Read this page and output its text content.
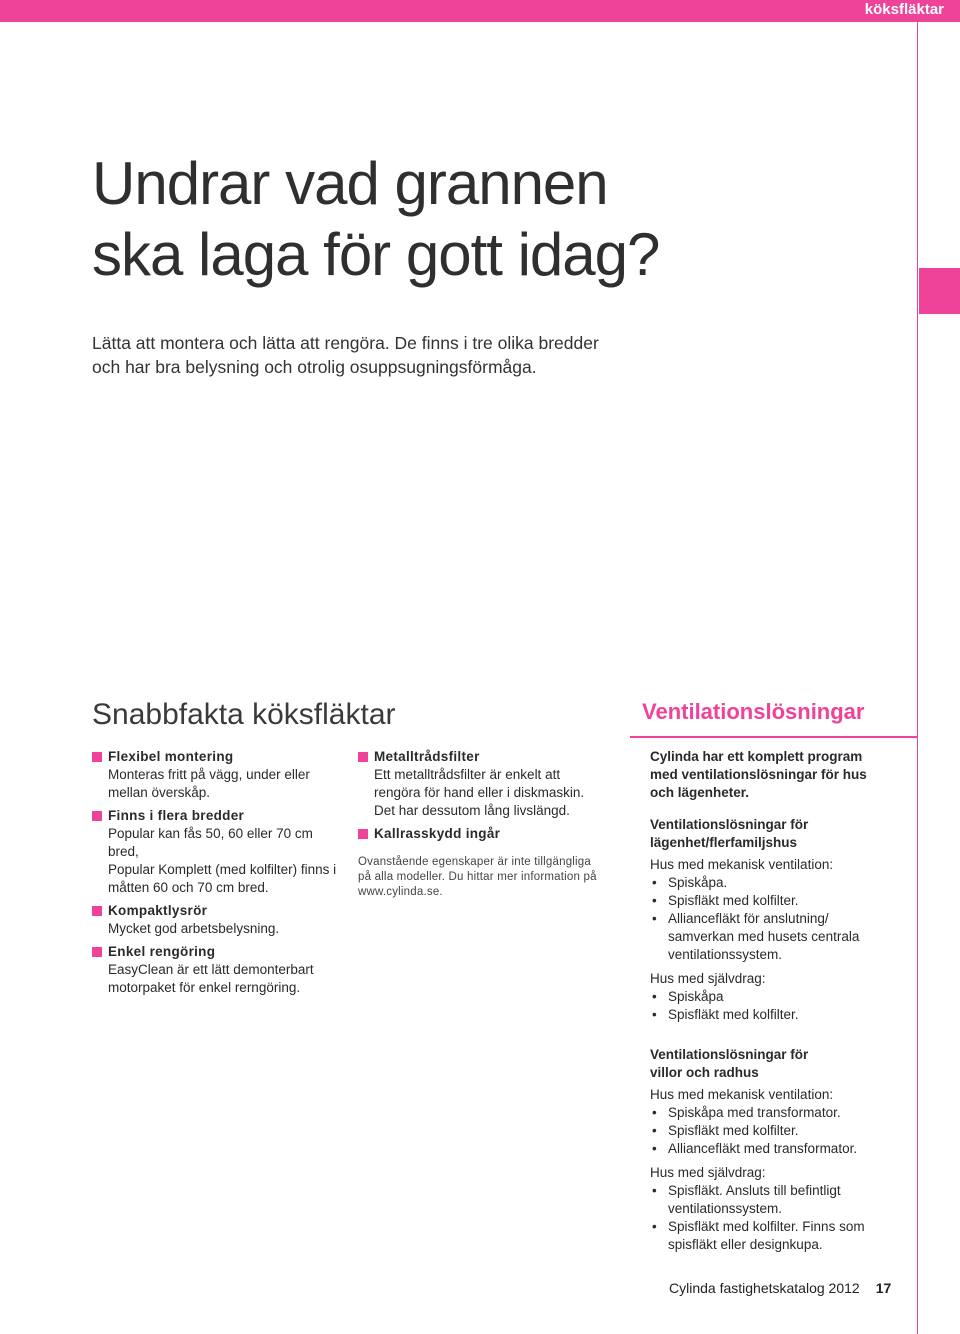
köksfläktar
Undrar vad grannen
ska laga för gott idag?

Lätta att montera och lätta att rengöra. De finns i tre olika bredder
och har bra belysning och otrolig osuppsugningsförmåga.

Snabbfakta köksfläktar	Ventilationslösningar
Flexibel montering
Monteras fritt på vägg, under eller
mellan överskåp.
Finns i flera bredder
Popular kan fås 50, 60 eller 70 cm bred,
Popular Komplett (med kolfilter) finns i
måtten 60 och 70 cm bred.
Kompaktlysrör
Mycket god arbetsbelysning.
Enkel rengöring
EasyClean är ett lätt demonterbart
motorpaket för enkel rerngöring.
Metalltrådsfilter
Ett metalltrådsfilter är enkelt att
rengöra för hand eller i diskmaskin.
Det har dessutom lång livslängd.
Kallrasskydd ingår
Ovanstående egenskaper är inte tillgängliga
på alla modeller. Du hittar mer information på
www.cylinda.se.
Cylinda har ett komplett program
med ventilationslösningar för hus
och lägenheter.
Ventilationslösningar för
lägenhet/flerfamiljshus
Hus med mekanisk ventilation:
• Spiskåpa.
• Spisfläkt med kolfilter.
• Alliancefläkt för anslutning/
samverkan med husets centrala
ventilationssystem.
Hus med självdrag:
• Spiskåpa
• Spisfläkt med kolfilter.
Ventilationslösningar för
villor och radhus
Hus med mekanisk ventilation:
• Spiskåpa med transformator.
• Spisfläkt med kolfilter.
• Alliancefläkt med transformator.
Hus med självdrag:
• Spisfläkt. Ansluts till befintligt
ventilationssystem.
• Spisfläkt med kolfilter. Finns som
spisfläkt eller designkupa.
Cylinda fastighetskatalog 2012 17
